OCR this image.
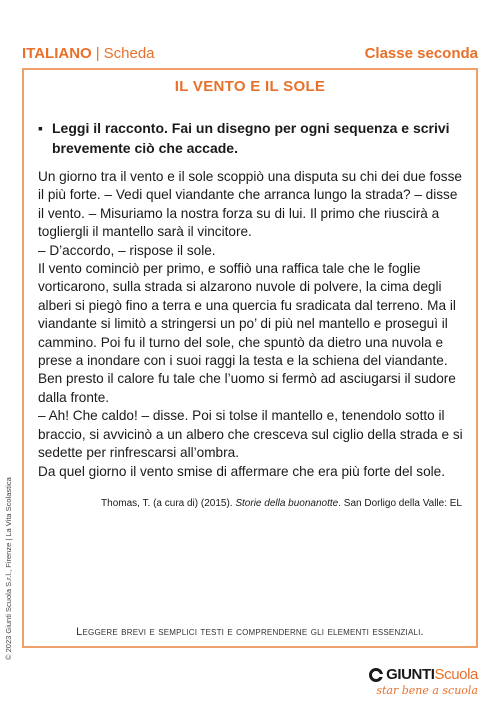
ITALIANO | Scheda	Classe seconda
IL VENTO E IL SOLE
▪ Leggi il racconto. Fai un disegno per ogni sequenza e scrivi brevemente ciò che accade.

Un giorno tra il vento e il sole scoppiò una disputa su chi dei due fosse il più forte. – Vedi quel viandante che arranca lungo la strada? – disse il vento. – Misuriamo la nostra forza su di lui. Il primo che riuscirà a togliergli il mantello sarà il vincitore.

– D’accordo, – rispose il sole.

Il vento cominciò per primo, e soffiò una raffica tale che le foglie vorticarono, sulla strada si alzarono nuvole di polvere, la cima degli alberi si piegò fino a terra e una quercia fu sradicata dal terreno. Ma il viandante si limitò a stringersi un po’ di più nel mantello e proseguì il cammino. Poi fu il turno del sole, che spuntò da dietro una nuvola e prese a inondare con i suoi raggi la testa e la schiena del viandante. Ben presto il calore fu tale che l’uomo si fermò ad asciugarsi il sudore dalla fronte.

– Ah! Che caldo! – disse. Poi si tolse il mantello e, tenendolo sotto il braccio, si avvicinò a un albero che cresceva sul ciglio della strada e si sedette per rinfrescarsi all’ombra.

Da quel giorno il vento smise di affermare che era più forte del sole.

Thomas, T. (a cura di) (2015). Storie della buonanotte. San Dorligo della Valle: EL
Leggere brevi e semplici testi e comprenderne gli elementi essenziali.
© 2023 Giunti Scuola S.r.l., Firenze | La Vita Scolastica
GIUNTIScuola
star bene a scuola
